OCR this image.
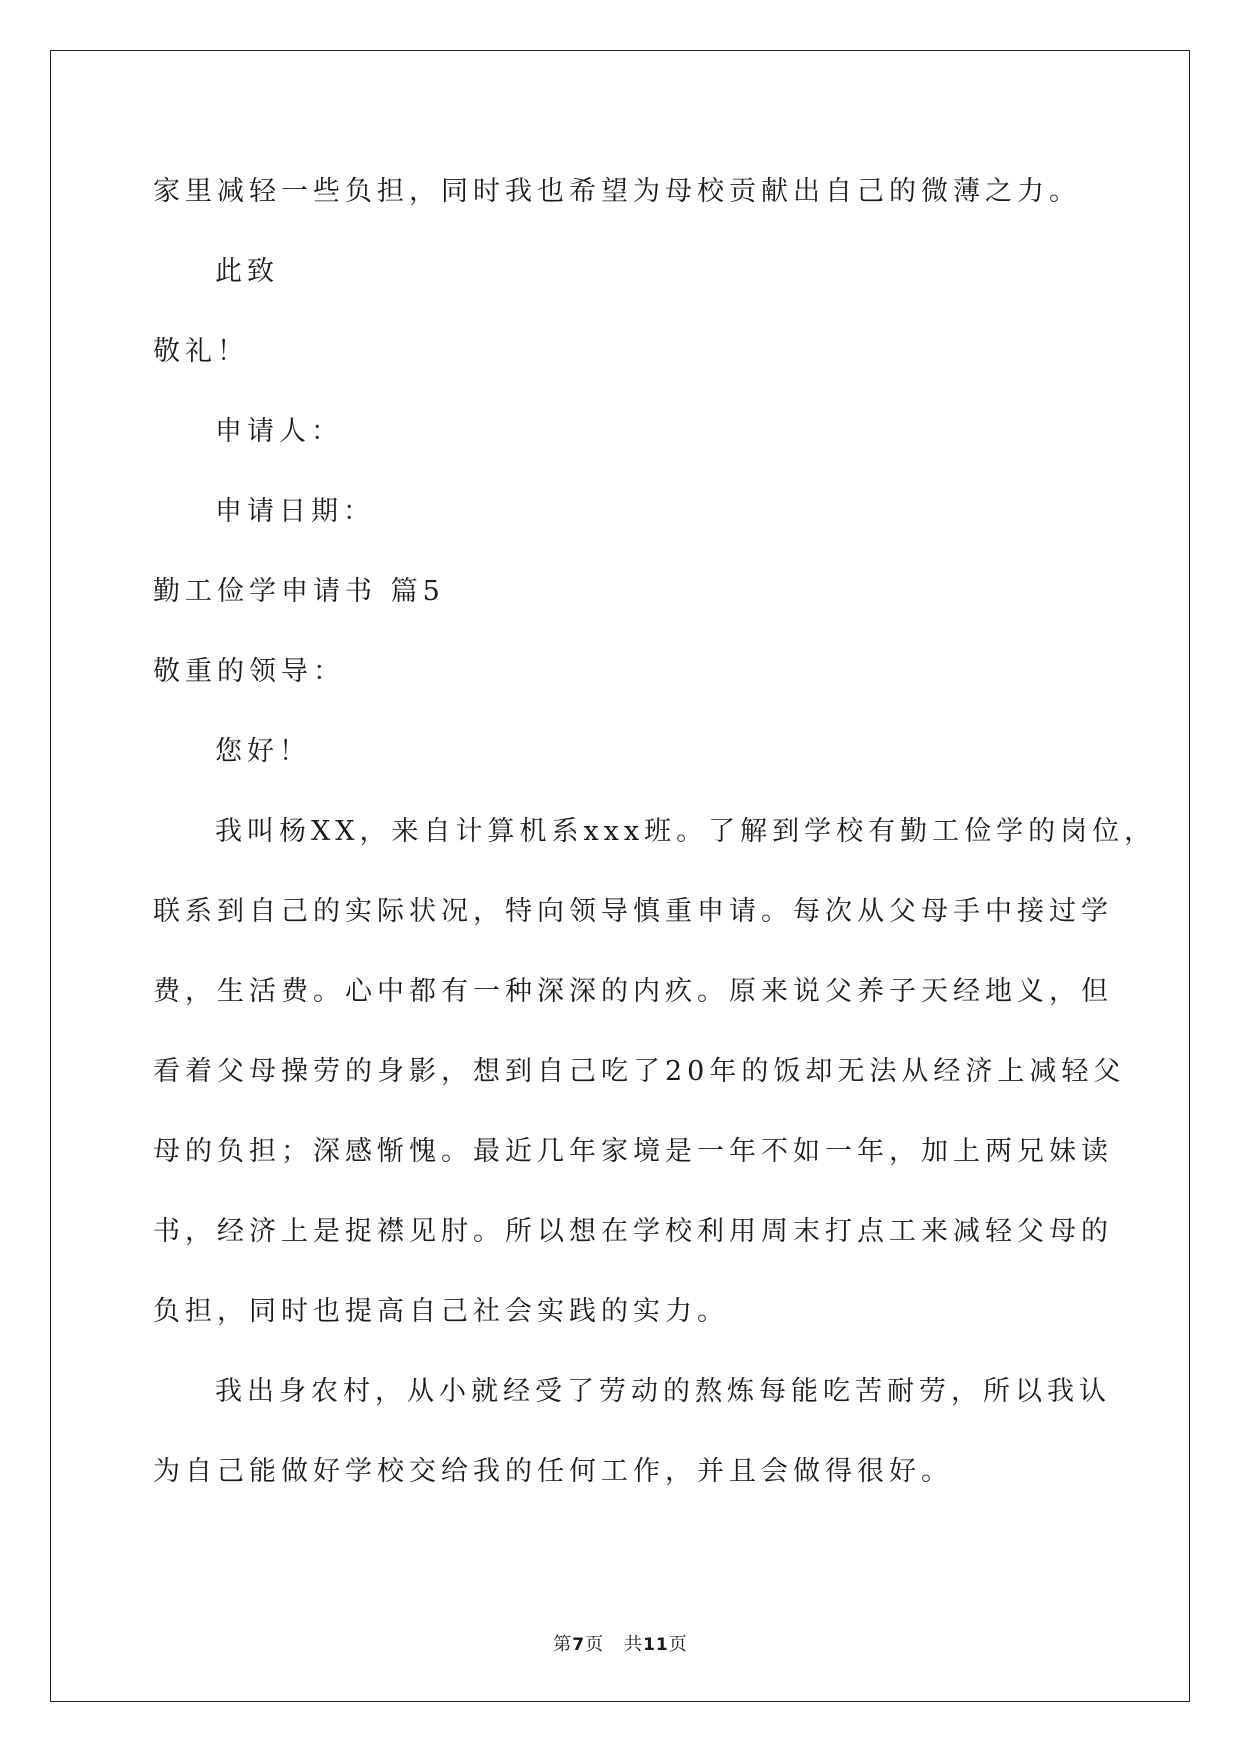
家里减轻一些负担，同时我也希望为母校贡献出自己的微薄之力。
此致
敬礼！
申请人：
申请日期：
勤工俭学申请书 篇5
敬重的领导：
您好！
我叫杨XX，来自计算机系xxx班。了解到学校有勤工俭学的岗位，
联系到自己的实际状况，特向领导慎重申请。每次从父母手中接过学
费，生活费。心中都有一种深深的内疚。原来说父养子天经地义，但
看着父母操劳的身影，想到自己吃了20年的饭却无法从经济上减轻父
母的负担；深感惭愧。最近几年家境是一年不如一年，加上两兄妹读
书，经济上是捉襟见肘。所以想在学校利用周末打点工来减轻父母的
负担，同时也提高自己社会实践的实力。
我出身农村，从小就经受了劳动的熬炼每能吃苦耐劳，所以我认
为自己能做好学校交给我的任何工作，并且会做得很好。
第7页 共11页
